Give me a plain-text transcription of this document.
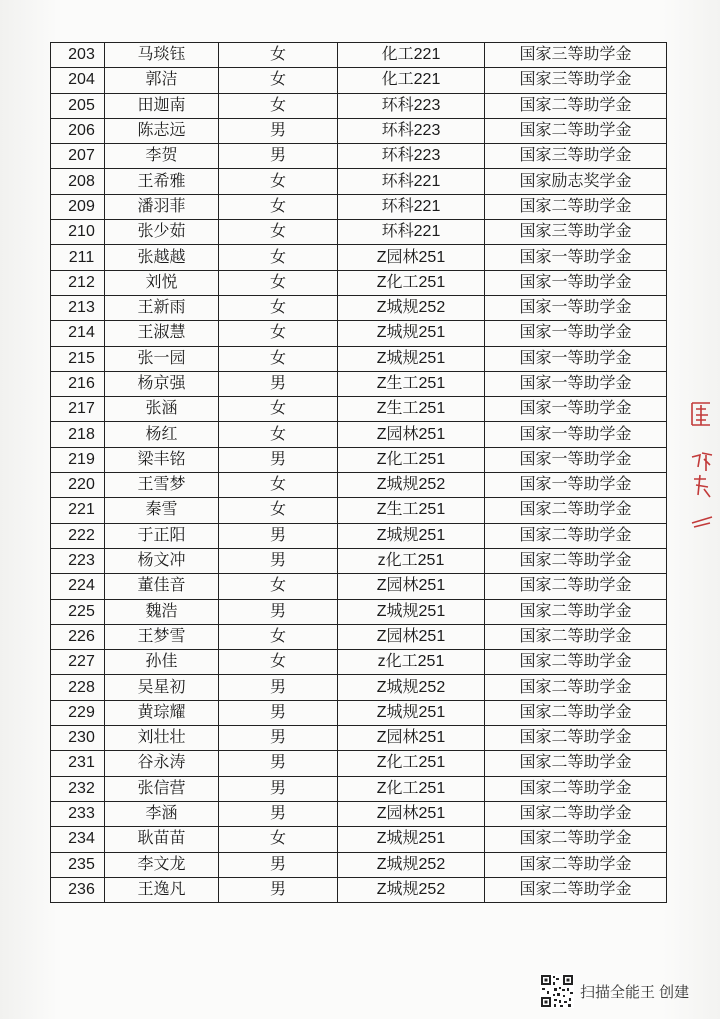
203	马琰钰	女	化工221	国家三等助学金
204	郭洁	女	化工221	国家三等助学金
205	田迦南	女	环科223	国家二等助学金
206	陈志远	男	环科223	国家二等助学金
207	李贺	男	环科223	国家三等助学金
208	王希雅	女	环科221	国家励志奖学金
209	潘羽菲	女	环科221	国家二等助学金
210	张少茹	女	环科221	国家三等助学金
211	张越越	女	Z园林251	国家一等助学金
212	刘悦	女	Z化工251	国家一等助学金
213	王新雨	女	Z城规252	国家一等助学金
214	王淑慧	女	Z城规251	国家一等助学金
215	张一园	女	Z城规251	国家一等助学金
216	杨京强	男	Z生工251	国家一等助学金
217	张涵	女	Z生工251	国家一等助学金
218	杨红	女	Z园林251	国家一等助学金
219	梁丰铭	男	Z化工251	国家一等助学金
220	王雪梦	女	Z城规252	国家一等助学金
221	秦雪	女	Z生工251	国家二等助学金
222	于正阳	男	Z城规251	国家二等助学金
223	杨文冲	男	z化工251	国家二等助学金
224	董佳音	女	Z园林251	国家二等助学金
225	魏浩	男	Z城规251	国家二等助学金
226	王梦雪	女	Z园林251	国家二等助学金
227	孙佳	女	z化工251	国家二等助学金
228	吴星初	男	Z城规252	国家二等助学金
229	黄琮耀	男	Z城规251	国家二等助学金
230	刘壮壮	男	Z园林251	国家二等助学金
231	谷永涛	男	Z化工251	国家二等助学金
232	张信营	男	Z化工251	国家二等助学金
233	李涵	男	Z园林251	国家二等助学金
234	耿苗苗	女	Z城规251	国家二等助学金
235	李文龙	男	Z城规252	国家二等助学金
236	王逸凡	男	Z城规252	国家二等助学金
扫描全能王 创建
